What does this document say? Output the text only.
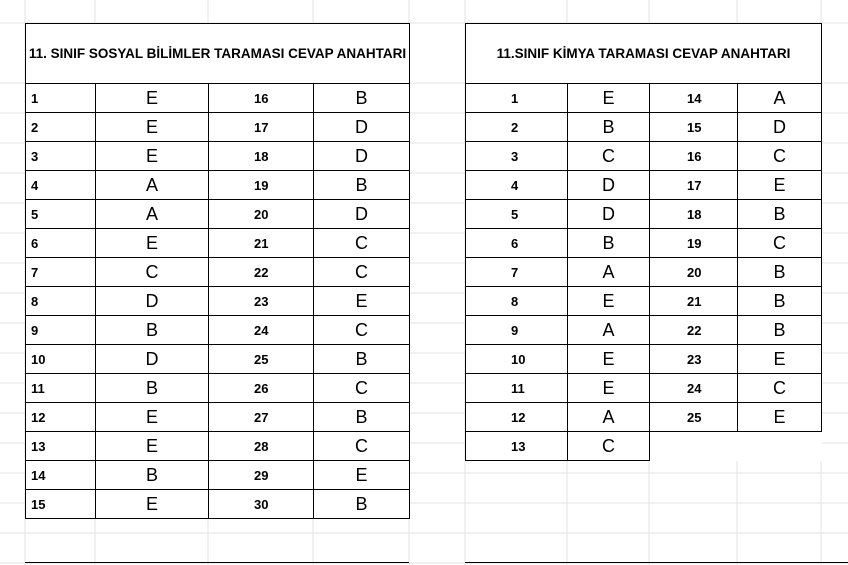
11. SINIF SOSYAL BİLİMLER TARAMASI CEVAP ANAHTARI			
1	E	16	B
2	E	17	D
3	E	18	D
4	A	19	B
5	A	20	D
6	E	21	C
7	C	22	C
8	D	23	E
9	B	24	C
10	D	25	B
11	B	26	C
12	E	27	B
13	E	28	C
14	B	29	E
15	E	30	B
11.SINIF KİMYA TARAMASI CEVAP ANAHTARI			
1	E	14	A
2	B	15	D
3	C	16	C
4	D	17	E
5	D	18	B
6	B	19	C
7	A	20	B
8	E	21	B
9	A	22	B
10	E	23	E
11	E	24	C
12	A	25	E
13	C		
